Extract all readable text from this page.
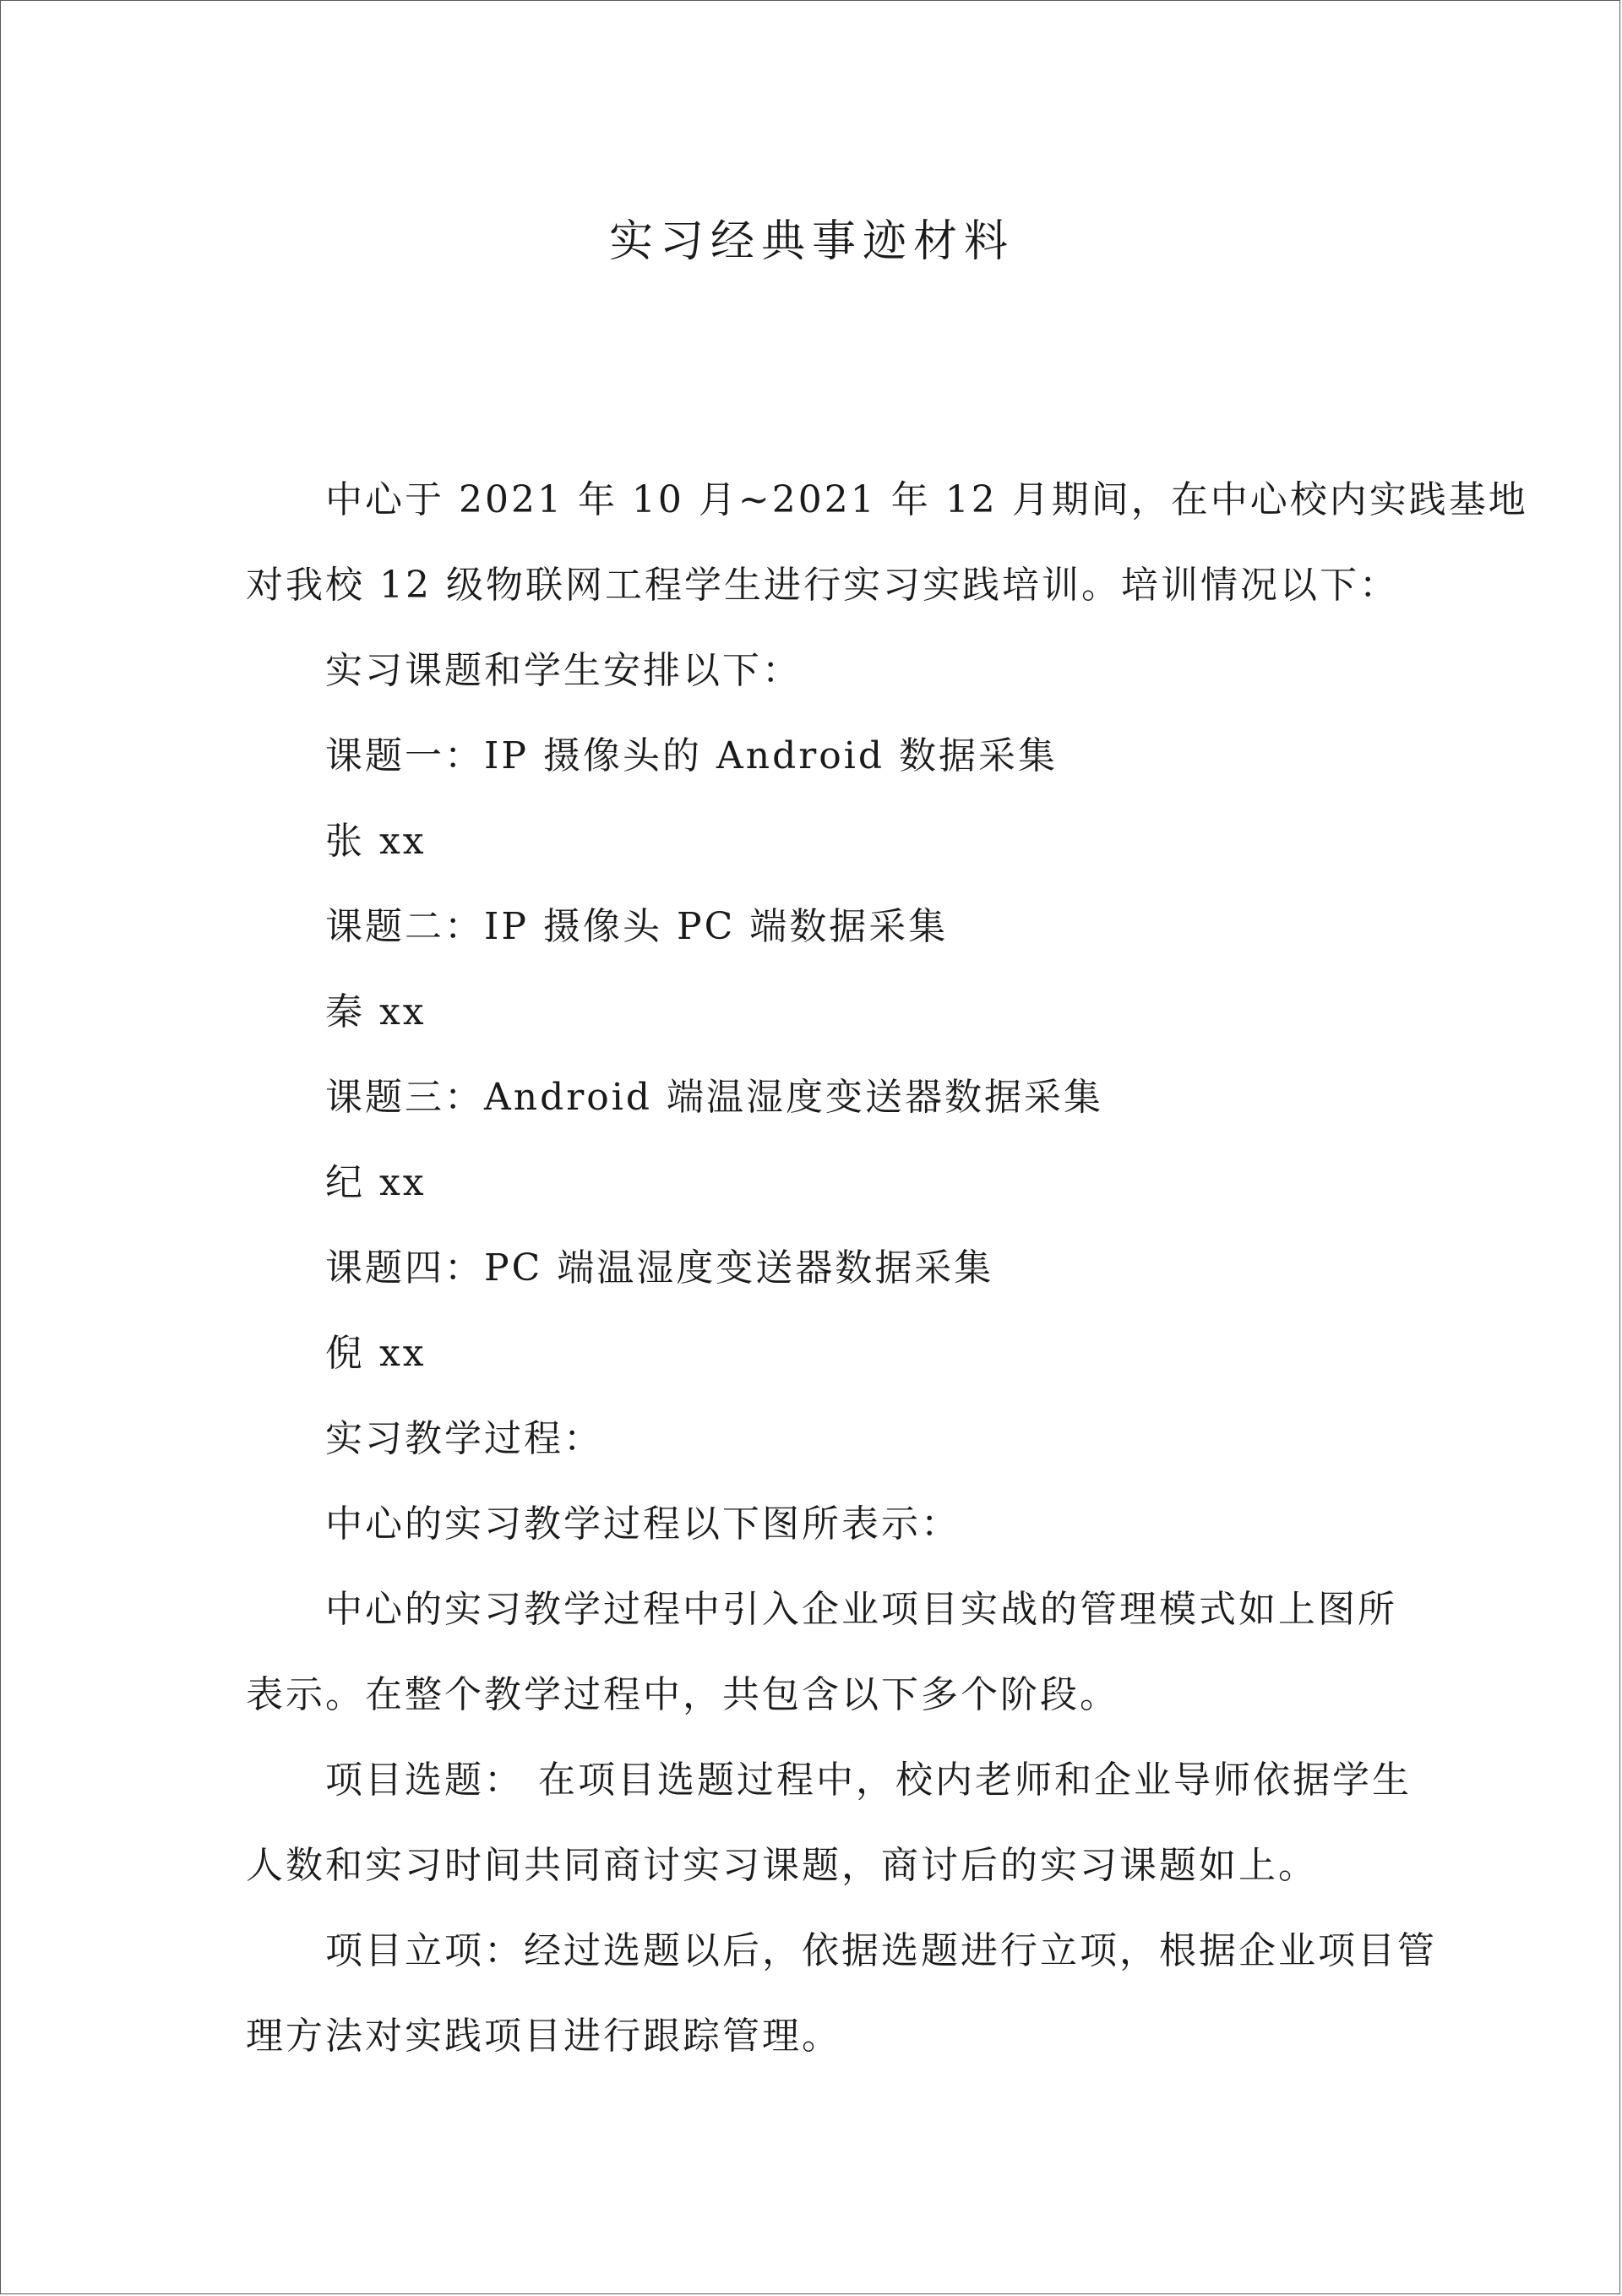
实习经典事迹材料
中心于 2021 年 10 月~2021 年 12 月期间，在中心校内实践基地
对我校 12 级物联网工程学生进行实习实践培训。培训情况以下：
实习课题和学生安排以下：
课题一：IP 摄像头的 Android 数据采集
张 xx
课题二：IP 摄像头 PC 端数据采集
秦 xx
课题三：Android 端温湿度变送器数据采集
纪 xx
课题四：PC 端温湿度变送器数据采集
倪 xx
实习教学过程：
中心的实习教学过程以下图所表示：
中心的实习教学过程中引入企业项目实战的管理模式如上图所
表示。在整个教学过程中，共包含以下多个阶段。
项目选题： 在项目选题过程中，校内老师和企业导师依据学生
人数和实习时间共同商讨实习课题，商讨后的实习课题如上。
项目立项：经过选题以后，依据选题进行立项，根据企业项目管
理方法对实践项目进行跟踪管理。
